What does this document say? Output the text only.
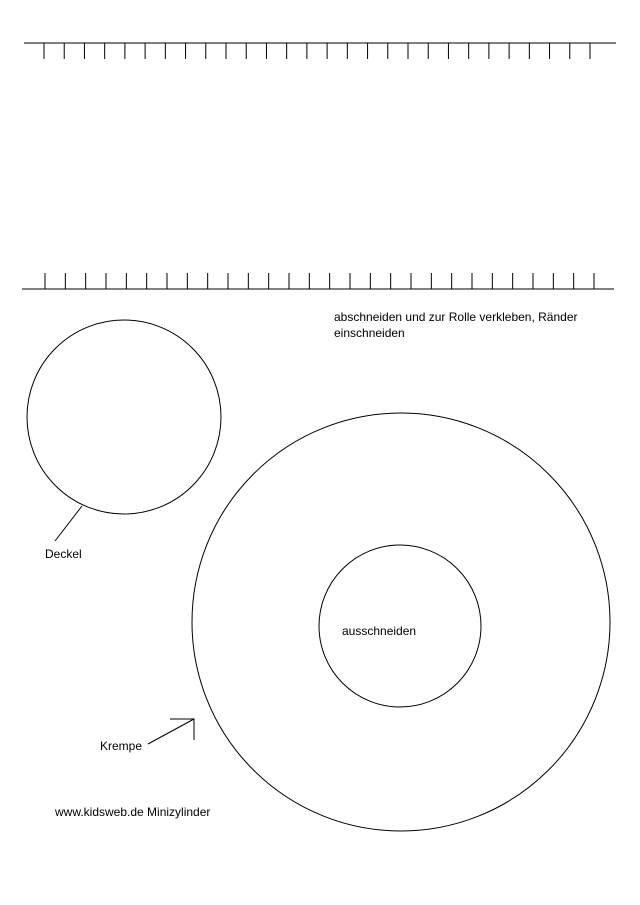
abschneiden und zur Rolle verkleben, Ränder
einschneiden
ausschneiden
Deckel
Krempe
www.kidsweb.de Minizylinder
